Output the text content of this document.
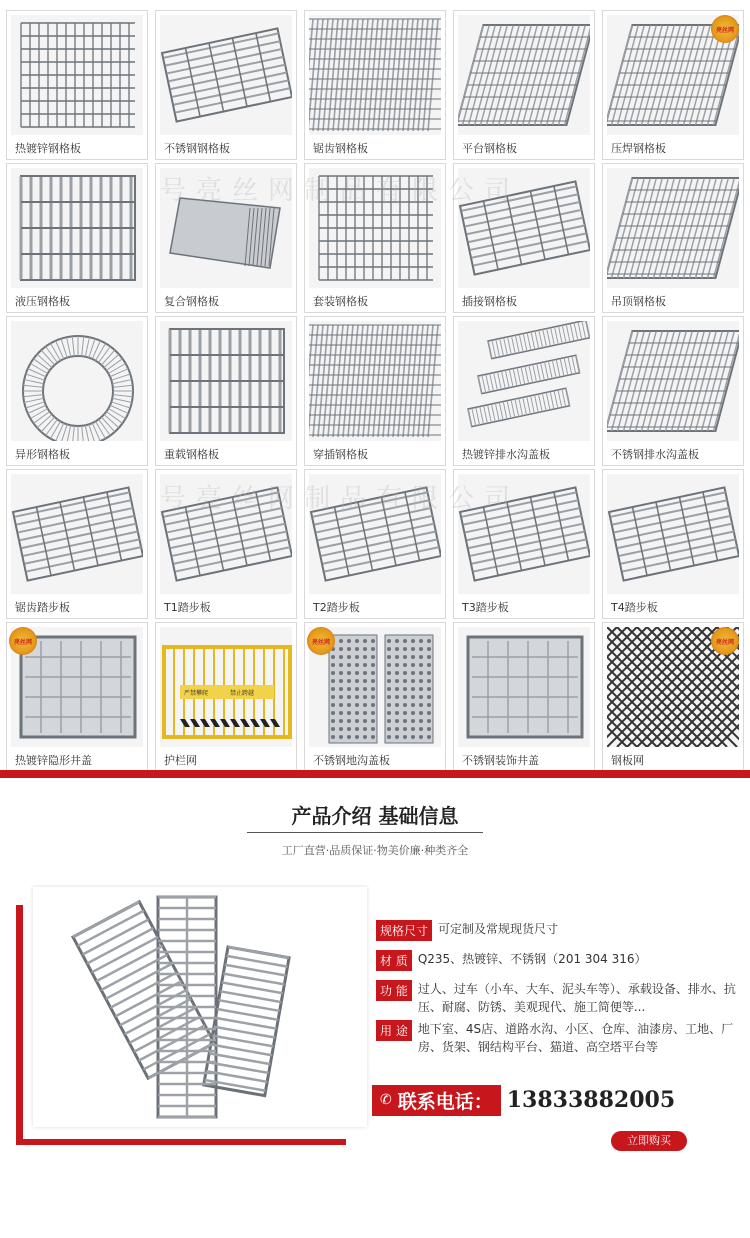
热镀锌钢格板	不锈钢钢格板	锯齿钢格板	平台钢格板	压焊钢格板
亮丝网
液压钢格板	复合钢格板	套装钢格板	插接钢格板	吊顶钢格板
异形钢格板	重载钢格板	穿插钢格板	热镀锌排水沟盖板	不锈钢排水沟盖板
锯齿踏步板	T1踏步板	T2踏步板	T3踏步板	T4踏步板
热镀锌隐形井盖
亮丝网
严禁攀爬	禁止跨越
护栏网	不锈钢地沟盖板
亮丝网
不锈钢装饰井盖	钢板网
亮丝网
号亮丝网制品有限公司
号亮丝网制品有限公司
产品介绍 基础信息
工厂直营·品质保证·物美价廉·种类齐全
规格尺寸 可定制及常规现货尺寸
材 质 Q235、热镀锌、不锈钢（201 304 316）
功 能 过人、过车（小车、大车、泥头车等）、承载设备、排水、抗压、耐腐、防锈、美观现代、施工简便等...
用 途 地下室、4S店、道路水沟、小区、仓库、油漆房、工地、厂房、货架、钢结构平台、猫道、高空塔平台等
✆ 联系电话： 13833882005
立即购买
